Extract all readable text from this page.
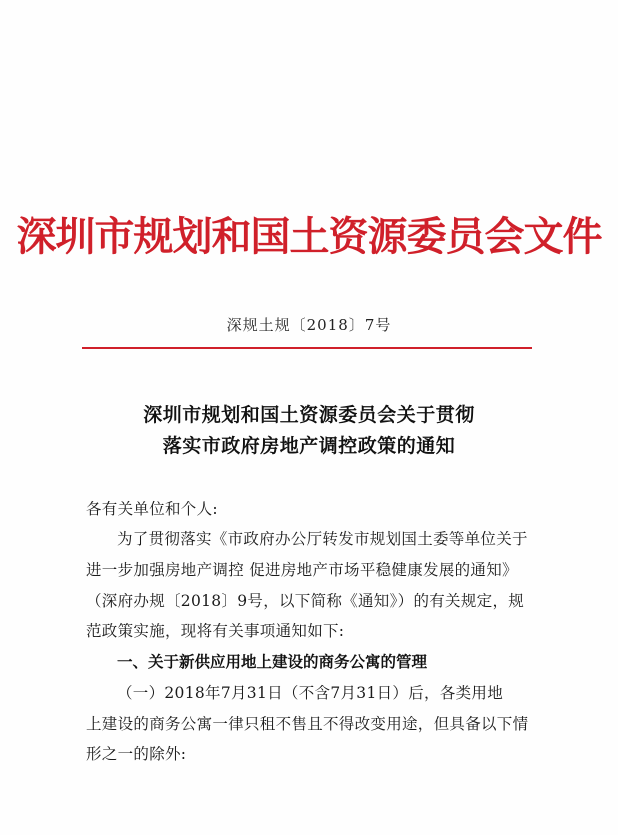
深圳市规划和国土资源委员会文件
深规土规〔2018〕7号
深圳市规划和国土资源委员会关于贯彻
落实市政府房地产调控政策的通知
各有关单位和个人:
为了贯彻落实《市政府办公厅转发市规划国土委等单位关于
进一步加强房地产调控 促进房地产市场平稳健康发展的通知》
（深府办规〔2018〕9号，以下简称《通知》）的有关规定，规
范政策实施，现将有关事项通知如下:
一、关于新供应用地上建设的商务公寓的管理
（一）2018年7月31日（不含7月31日）后，各类用地
上建设的商务公寓一律只租不售且不得改变用途，但具备以下情
形之一的除外:
